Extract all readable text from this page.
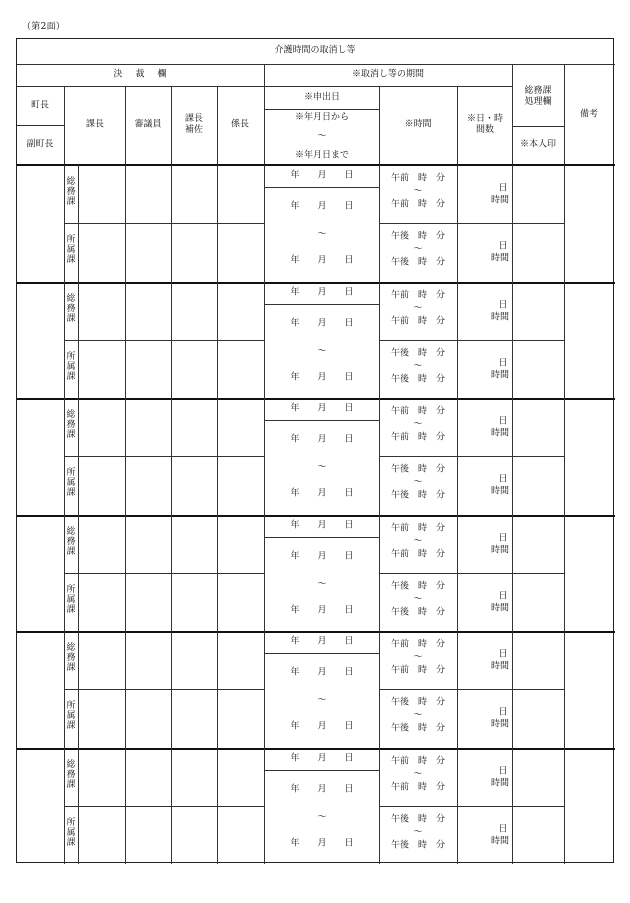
（第2面）
介護時間の取消し等
決　裁　欄	※取消し等の期間
総務課
処理欄
備考
町長
副町長
課長	審議員
課長
補佐
係長
※申出日
※年月日から
〜
※年月日まで
※時間
※日・時
間数
※本人印
総務課
所属課
年　　月　　日
年　　月　　日
〜
年　　月　　日
午前　時　分
〜
午前　時　分
午後　時　分
〜
午後　時　分
日
時間
日
時間
総務課
所属課
年　　月　　日
年　　月　　日
〜
年　　月　　日
午前　時　分
〜
午前　時　分
午後　時　分
〜
午後　時　分
日
時間
日
時間
総務課
所属課
年　　月　　日
年　　月　　日
〜
年　　月　　日
午前　時　分
〜
午前　時　分
午後　時　分
〜
午後　時　分
日
時間
日
時間
総務課
所属課
年　　月　　日
年　　月　　日
〜
年　　月　　日
午前　時　分
〜
午前　時　分
午後　時　分
〜
午後　時　分
日
時間
日
時間
総務課
所属課
年　　月　　日
年　　月　　日
〜
年　　月　　日
午前　時　分
〜
午前　時　分
午後　時　分
〜
午後　時　分
日
時間
日
時間
総務課
所属課
年　　月　　日
年　　月　　日
〜
年　　月　　日
午前　時　分
〜
午前　時　分
午後　時　分
〜
午後　時　分
日
時間
日
時間
